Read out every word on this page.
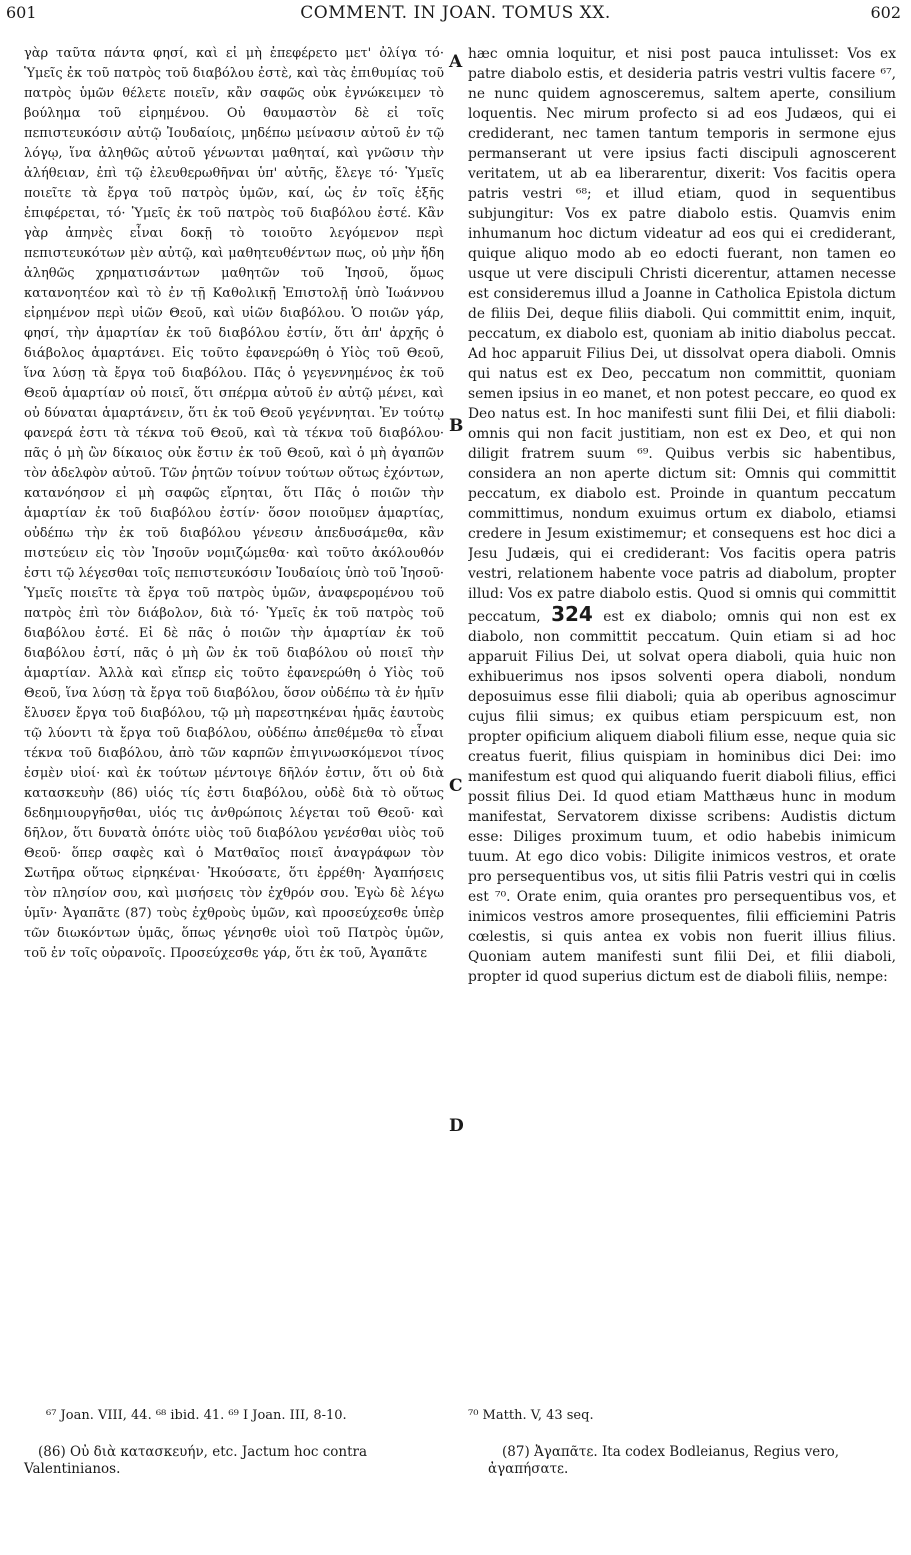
COMMENT. IN JOAN. TOMUS XX.
601	602

γὰρ ταῦτα πάντα φησί, καὶ εἰ μὴ ἐπεφέρετο μετ' ὀλίγα τό· Ὑμεῖς ἐκ τοῦ πατρὸς τοῦ διαβόλου ἐστὲ, καὶ τὰς ἐπιθυμίας τοῦ πατρὸς ὑμῶν θέλετε ποιεῖν, κἂν σαφῶς οὐκ ἐγνώκειμεν τὸ βούλημα τοῦ εἰρημένου. Οὐ θαυμαστὸν δὲ εἰ τοῖς πεπιστευκόσιν αὐτῷ Ἰουδαίοις, μηδέπω μείνασιν αὐτοῦ ἐν τῷ λόγῳ, ἵνα ἀληθῶς αὐτοῦ γένωνται μαθηταί, καὶ γνῶσιν τὴν ἀλήθειαν, ἐπὶ τῷ ἐλευθερωθῆναι ὑπ' αὐτῆς, ἔλεγε τό· Ὑμεῖς ποιεῖτε τὰ ἔργα τοῦ πατρὸς ὑμῶν, καί, ὡς ἐν τοῖς ἑξῆς ἐπιφέρεται, τό· Ὑμεῖς ἐκ τοῦ πατρὸς τοῦ διαβόλου ἐστέ. Κἂν γὰρ ἀπηνὲς εἶναι δοκῇ τὸ τοιοῦτο λεγόμενον περὶ πεπιστευκότων μὲν αὐτῷ, καὶ μαθητευθέντων πως, οὐ μὴν ἤδη ἀληθῶς χρηματισάντων μαθητῶν τοῦ Ἰησοῦ, ὅμως κατανοητέον καὶ τὸ ἐν τῇ Καθολικῇ Ἐπιστολῇ ὑπὸ Ἰωάννου εἰρημένον περὶ υἱῶν Θεοῦ, καὶ υἱῶν διαβόλου. Ὁ ποιῶν γάρ, φησί, τὴν ἁμαρτίαν ἐκ τοῦ διαβόλου ἐστίν, ὅτι ἀπ' ἀρχῆς ὁ διάβολος ἁμαρτάνει. Εἰς τοῦτο ἐφανερώθη ὁ Υἱὸς τοῦ Θεοῦ, ἵνα λύσῃ τὰ ἔργα τοῦ διαβόλου. Πᾶς ὁ γεγεννημένος ἐκ τοῦ Θεοῦ ἁμαρτίαν οὐ ποιεῖ, ὅτι σπέρμα αὐτοῦ ἐν αὐτῷ μένει, καὶ οὐ δύναται ἁμαρτάνειν, ὅτι ἐκ τοῦ Θεοῦ γεγέννηται. Ἐν τούτῳ φανερά ἐστι τὰ τέκνα τοῦ Θεοῦ, καὶ τὰ τέκνα τοῦ διαβόλου· πᾶς ὁ μὴ ὢν δίκαιος οὐκ ἔστιν ἐκ τοῦ Θεοῦ, καὶ ὁ μὴ ἀγαπῶν τὸν ἀδελφὸν αὐτοῦ. Τῶν ῥητῶν τοίνυν τούτων οὕτως ἐχόντων, κατανόησον εἰ μὴ σαφῶς εἴρηται, ὅτι Πᾶς ὁ ποιῶν τὴν ἁμαρτίαν ἐκ τοῦ διαβόλου ἐστίν· ὅσον ποιοῦμεν ἁμαρτίας, οὐδέπω τὴν ἐκ τοῦ διαβόλου γένεσιν ἀπεδυσάμεθα, κἂν πιστεύειν εἰς τὸν Ἰησοῦν νομιζώμεθα· καὶ τοῦτο ἀκόλουθόν ἐστι τῷ λέγεσθαι τοῖς πεπιστευκόσιν Ἰουδαίοις ὑπὸ τοῦ Ἰησοῦ· Ὑμεῖς ποιεῖτε τὰ ἔργα τοῦ πατρὸς ὑμῶν, ἀναφερομένου τοῦ πατρὸς ἐπὶ τὸν διάβολον, διὰ τό· Ὑμεῖς ἐκ τοῦ πατρὸς τοῦ διαβόλου ἐστέ. Εἰ δὲ πᾶς ὁ ποιῶν τὴν ἁμαρτίαν ἐκ τοῦ διαβόλου ἐστί, πᾶς ὁ μὴ ὢν ἐκ τοῦ διαβόλου οὐ ποιεῖ τὴν ἁμαρτίαν. Ἀλλὰ καὶ εἴπερ εἰς τοῦτο ἐφανερώθη ὁ Υἱὸς τοῦ Θεοῦ, ἵνα λύσῃ τὰ ἔργα τοῦ διαβόλου, ὅσον οὐδέπω τὰ ἐν ἡμῖν ἔλυσεν ἔργα τοῦ διαβόλου, τῷ μὴ παρεστηκέναι ἡμᾶς ἑαυτοὺς τῷ λύοντι τὰ ἔργα τοῦ διαβόλου, οὐδέπω ἀπεθέμεθα τὸ εἶναι τέκνα τοῦ διαβόλου, ἀπὸ τῶν καρπῶν ἐπιγινωσκόμενοι τίνος ἐσμὲν υἱοί· καὶ ἐκ τούτων μέντοιγε δῆλόν ἐστιν, ὅτι οὐ διὰ κατασκευὴν (86) υἱός τίς ἐστι διαβόλου, οὐδὲ διὰ τὸ οὕτως δεδημιουργῆσθαι, υἱός τις ἀνθρώποις λέγεται τοῦ Θεοῦ· καὶ δῆλον, ὅτι δυνατὰ ὁπότε υἱὸς τοῦ διαβόλου γενέσθαι υἱὸς τοῦ Θεοῦ· ὅπερ σαφὲς καὶ ὁ Ματθαῖος ποιεῖ ἀναγράφων τὸν Σωτῆρα οὕτως εἰρηκέναι· Ἠκούσατε, ὅτι ἐρρέθη· Ἀγαπήσεις τὸν πλησίον σου, καὶ μισήσεις τὸν ἐχθρόν σου. Ἐγὼ δὲ λέγω ὑμῖν· Ἀγαπᾶτε (87) τοὺς ἐχθροὺς ὑμῶν, καὶ προσεύχεσθε ὑπὲρ τῶν διωκόντων ὑμᾶς, ὅπως γένησθε υἱοὶ τοῦ Πατρὸς ὑμῶν, τοῦ ἐν τοῖς οὐρανοῖς. Προσεύχεσθε γάρ, ὅτι ἐκ τοῦ, Ἀγαπᾶτε

A
B
C
D

hæc omnia loquitur, et nisi post pauca intulisset: Vos ex patre diabolo estis, et desideria patris vestri vultis facere ⁶⁷, ne nunc quidem agnosceremus, saltem aperte, consilium loquentis. Nec mirum profecto si ad eos Judæos, qui ei crediderant, nec tamen tantum temporis in sermone ejus permanserant ut vere ipsius facti discipuli agnoscerent veritatem, ut ab ea liberarentur, dixerit: Vos facitis opera patris vestri ⁶⁸; et illud etiam, quod in sequentibus subjungitur: Vos ex patre diabolo estis. Quamvis enim inhumanum hoc dictum videatur ad eos qui ei crediderant, quique aliquo modo ab eo edocti fuerant, non tamen eo usque ut vere discipuli Christi dicerentur, attamen necesse est consideremus illud a Joanne in Catholica Epistola dictum de filiis Dei, deque filiis diaboli. Qui committit enim, inquit, peccatum, ex diabolo est, quoniam ab initio diabolus peccat. Ad hoc apparuit Filius Dei, ut dissolvat opera diaboli. Omnis qui natus est ex Deo, peccatum non committit, quoniam semen ipsius in eo manet, et non potest peccare, eo quod ex Deo natus est. In hoc manifesti sunt filii Dei, et filii diaboli: omnis qui non facit justitiam, non est ex Deo, et qui non diligit fratrem suum ⁶⁹. Quibus verbis sic habentibus, considera an non aperte dictum sit: Omnis qui committit peccatum, ex diabolo est. Proinde in quantum peccatum committimus, nondum exuimus ortum ex diabolo, etiamsi credere in Jesum existimemur; et consequens est hoc dici a Jesu Judæis, qui ei crediderant: Vos facitis opera patris vestri, relationem habente voce patris ad diabolum, propter illud: Vos ex patre diabolo estis. Quod si omnis qui committit peccatum, 324 est ex diabolo; omnis qui non est ex diabolo, non committit peccatum. Quin etiam si ad hoc apparuit Filius Dei, ut solvat opera diaboli, quia huic non exhibuerimus nos ipsos solventi opera diaboli, nondum deposuimus esse filii diaboli; quia ab operibus agnoscimur cujus filii simus; ex quibus etiam perspicuum est, non propter opificium aliquem diaboli filium esse, neque quia sic creatus fuerit, filius quispiam in hominibus dici Dei: imo manifestum est quod qui aliquando fuerit diaboli filius, effici possit filius Dei. Id quod etiam Matthæus hunc in modum manifestat, Servatorem dixisse scribens: Audistis dictum esse: Diliges proximum tuum, et odio habebis inimicum tuum. At ego dico vobis: Diligite inimicos vestros, et orate pro persequentibus vos, ut sitis filii Patris vestri qui in cœlis est ⁷⁰. Orate enim, quia orantes pro persequentibus vos, et inimicos vestros amore prosequentes, filii efficiemini Patris cœlestis, si quis antea ex vobis non fuerit illius filius. Quoniam autem manifesti sunt filii Dei, et filii diaboli, propter id quod superius dictum est de diaboli filiis, nempe:

⁶⁷ Joan. VIII, 44. ⁶⁸ ibid. 41. ⁶⁹ I Joan. III, 8-10.	⁷⁰ Matth. V, 43 seq.

(86) Οὐ διὰ κατασκευήν, etc. Jactum hoc contra Valentinianos.

(87) Ἀγαπᾶτε. Ita codex Bodleianus, Regius vero, ἀγαπήσατε.
